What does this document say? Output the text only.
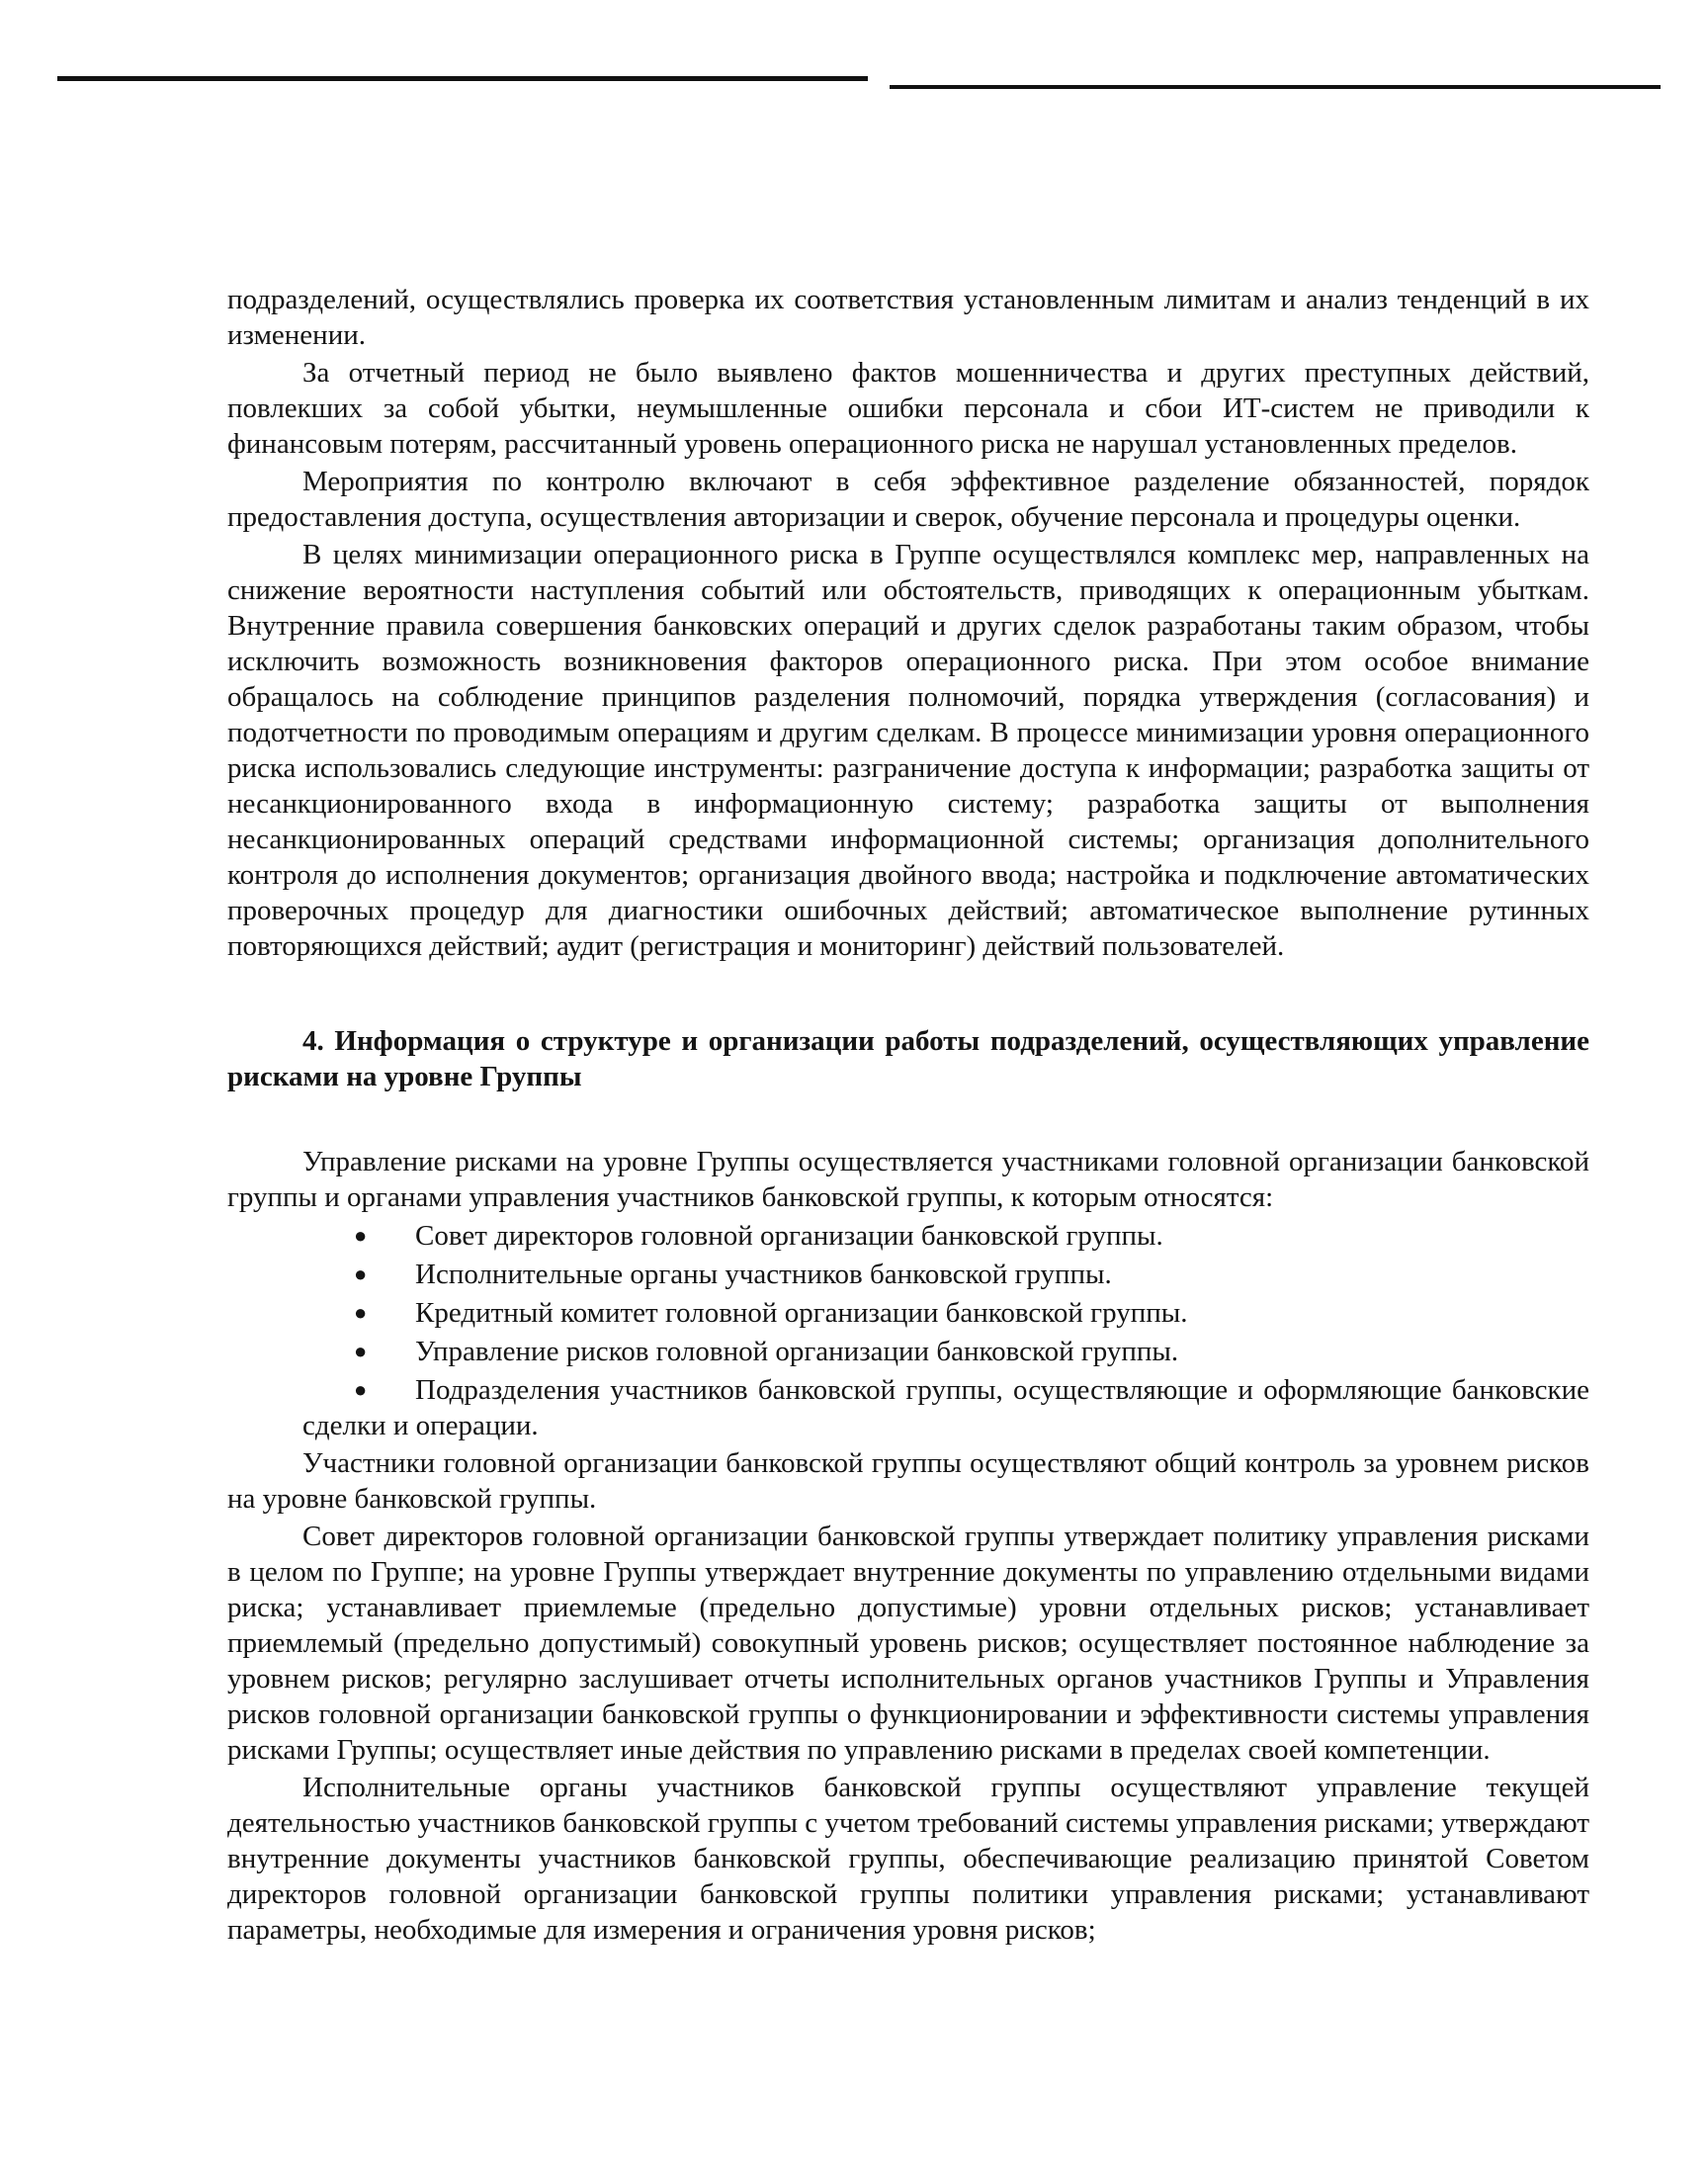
подразделений, осуществлялись проверка их соответствия установленным лимитам и анализ тенденций в их изменении.

За отчетный период не было выявлено фактов мошенничества и других преступных действий, повлекших за собой убытки, неумышленные ошибки персонала и сбои ИТ-систем не приводили к финансовым потерям, рассчитанный уровень операционного риска не нарушал установленных пределов.

Мероприятия по контролю включают в себя эффективное разделение обязанностей, порядок предоставления доступа, осуществления авторизации и сверок, обучение персонала и процедуры оценки.

В целях минимизации операционного риска в Группе осуществлялся комплекс мер, направленных на снижение вероятности наступления событий или обстоятельств, приводящих к операционным убыткам. Внутренние правила совершения банковских операций и других сделок разработаны таким образом, чтобы исключить возможность возникновения факторов операционного риска. При этом особое внимание обращалось на соблюдение принципов разделения полномочий, порядка утверждения (согласования) и подотчетности по проводимым операциям и другим сделкам. В процессе минимизации уровня операционного риска использовались следующие инструменты: разграничение доступа к информации; разработка защиты от несанкционированного входа в информационную систему; разработка защиты от выполнения несанкционированных операций средствами информационной системы; организация дополнительного контроля до исполнения документов; организация двойного ввода; настройка и подключение автоматических проверочных процедур для диагностики ошибочных действий; автоматическое выполнение рутинных повторяющихся действий; аудит (регистрация и мониторинг) действий пользователей.

4. Информация о структуре и организации работы подразделений, осуществляющих управление рисками на уровне Группы

Управление рисками на уровне Группы осуществляется участниками головной организации банковской группы и органами управления участников банковской группы, к которым относятся:

● Совет директоров головной организации банковской группы.
● Исполнительные органы участников банковской группы.
● Кредитный комитет головной организации банковской группы.
● Управление рисков головной организации банковской группы.
● Подразделения участников банковской группы, осуществляющие и оформляющие банковские сделки и операции.

Участники головной организации банковской группы осуществляют общий контроль за уровнем рисков на уровне банковской группы.

Совет директоров головной организации банковской группы утверждает политику управления рисками в целом по Группе; на уровне Группы утверждает внутренние документы по управлению отдельными видами риска; устанавливает приемлемые (предельно допустимые) уровни отдельных рисков; устанавливает приемлемый (предельно допустимый) совокупный уровень рисков; осуществляет постоянное наблюдение за уровнем рисков; регулярно заслушивает отчеты исполнительных органов участников Группы и Управления рисков головной организации банковской группы о функционировании и эффективности системы управления рисками Группы; осуществляет иные действия по управлению рисками в пределах своей компетенции.

Исполнительные органы участников банковской группы осуществляют управление текущей деятельностью участников банковской группы с учетом требований системы управления рисками; утверждают внутренние документы участников банковской группы, обеспечивающие реализацию принятой Советом директоров головной организации банковской группы политики управления рисками; устанавливают параметры, необходимые для измерения и ограничения уровня рисков;
